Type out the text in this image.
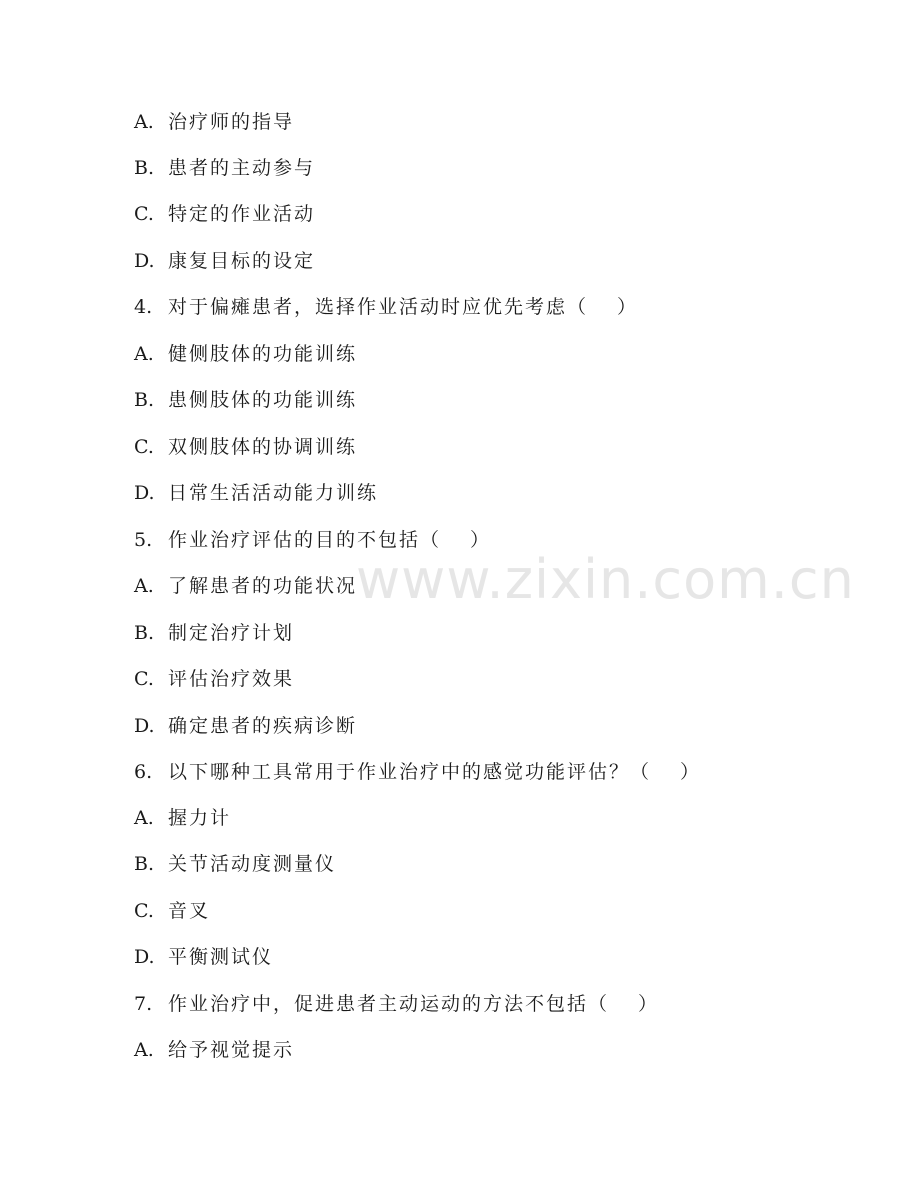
www.zixin.com.cn
A. 治疗师的指导
B. 患者的主动参与
C. 特定的作业活动
D. 康复目标的设定
4. 对于偏瘫患者，选择作业活动时应优先考虑（　 ）
A. 健侧肢体的功能训练
B. 患侧肢体的功能训练
C. 双侧肢体的协调训练
D. 日常生活活动能力训练
5. 作业治疗评估的目的不包括（　 ）
A. 了解患者的功能状况
B. 制定治疗计划
C. 评估治疗效果
D. 确定患者的疾病诊断
6. 以下哪种工具常用于作业治疗中的感觉功能评估？（　 ）
A. 握力计
B. 关节活动度测量仪
C. 音叉
D. 平衡测试仪
7. 作业治疗中，促进患者主动运动的方法不包括（　 ）
A. 给予视觉提示
